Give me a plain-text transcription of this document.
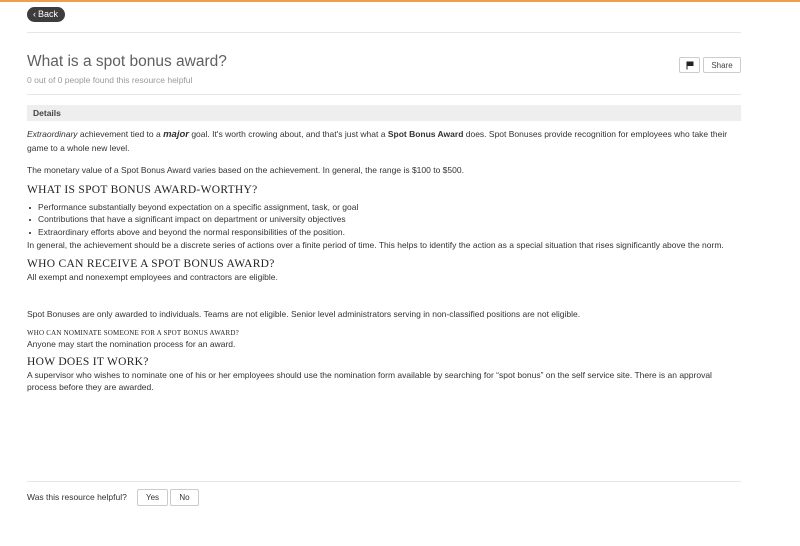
‹ Back
What is a spot bonus award?
0 out of 0 people found this resource helpful
Share
Details

Extraordinary achievement tied to a major goal. It's worth crowing about, and that's just what a Spot Bonus Award does. Spot Bonuses provide recognition for employees who take their game to a whole new level.

The monetary value of a Spot Bonus Award varies based on the achievement. In general, the range is $100 to $500.

WHAT IS SPOT BONUS AWARD-WORTHY?
Performance substantially beyond expectation on a specific assignment, task, or goal
Contributions that have a significant impact on department or university objectives
Extraordinary efforts above and beyond the normal responsibilities of the position.

In general, the achievement should be a discrete series of actions over a finite period of time. This helps to identify the action as a special situation that rises significantly above the norm.

WHO CAN RECEIVE A SPOT BONUS AWARD?

All exempt and nonexempt employees and contractors are eligible.

Spot Bonuses are only awarded to individuals. Teams are not eligible. Senior level administrators serving in non-classified positions are not eligible.

WHO CAN NOMINATE SOMEONE FOR A SPOT BONUS AWARD?

Anyone may start the nomination process for an award.

HOW DOES IT WORK?

A supervisor who wishes to nominate one of his or her employees should use the nomination form available by searching for “spot bonus” on the self service site. There is an approval process before they are awarded.

Was this resource helpful?	Yes	No
